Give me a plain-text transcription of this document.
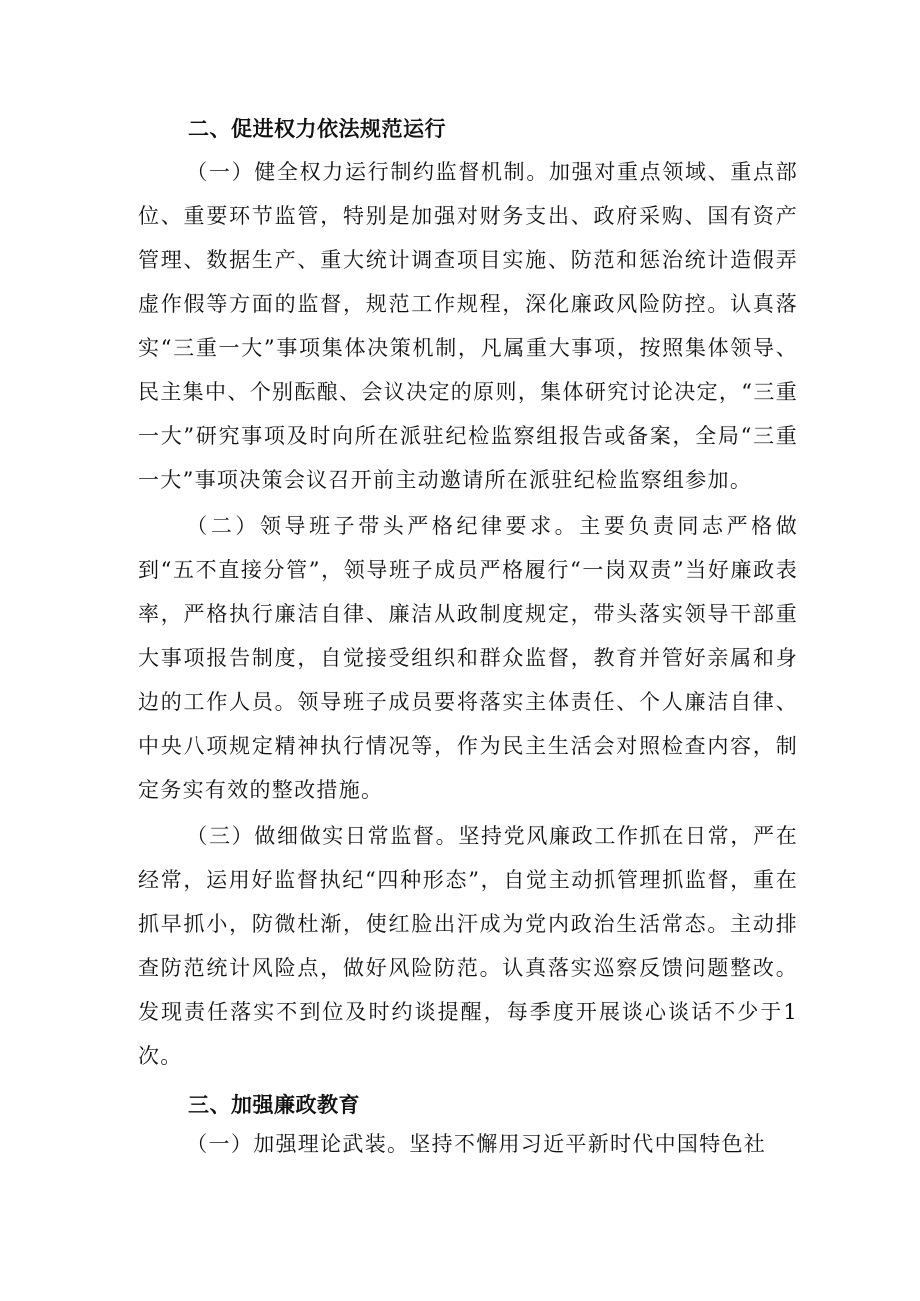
二、促进权力依法规范运行

（一）健全权力运行制约监督机制。加强对重点领域、重点部位、重要环节监管，特别是加强对财务支出、政府采购、国有资产管理、数据生产、重大统计调查项目实施、防范和惩治统计造假弄虚作假等方面的监督，规范工作规程，深化廉政风险防控。认真落实“三重一大”事项集体决策机制，凡属重大事项，按照集体领导、民主集中、个别酝酿、会议决定的原则，集体研究讨论决定，“三重一大”研究事项及时向所在派驻纪检监察组报告或备案，全局“三重一大”事项决策会议召开前主动邀请所在派驻纪检监察组参加。

（二）领导班子带头严格纪律要求。主要负责同志严格做到“五不直接分管”，领导班子成员严格履行“一岗双责”当好廉政表率，严格执行廉洁自律、廉洁从政制度规定，带头落实领导干部重大事项报告制度，自觉接受组织和群众监督，教育并管好亲属和身边的工作人员。领导班子成员要将落实主体责任、个人廉洁自律、中央八项规定精神执行情况等，作为民主生活会对照检查内容，制定务实有效的整改措施。

（三）做细做实日常监督。坚持党风廉政工作抓在日常，严在经常，运用好监督执纪“四种形态”，自觉主动抓管理抓监督，重在抓早抓小，防微杜渐，使红脸出汗成为党内政治生活常态。主动排查防范统计风险点，做好风险防范。认真落实巡察反馈问题整改。发现责任落实不到位及时约谈提醒，每季度开展谈心谈话不少于1次。

三、加强廉政教育

（一）加强理论武装。坚持不懈用习近平新时代中国特色社
